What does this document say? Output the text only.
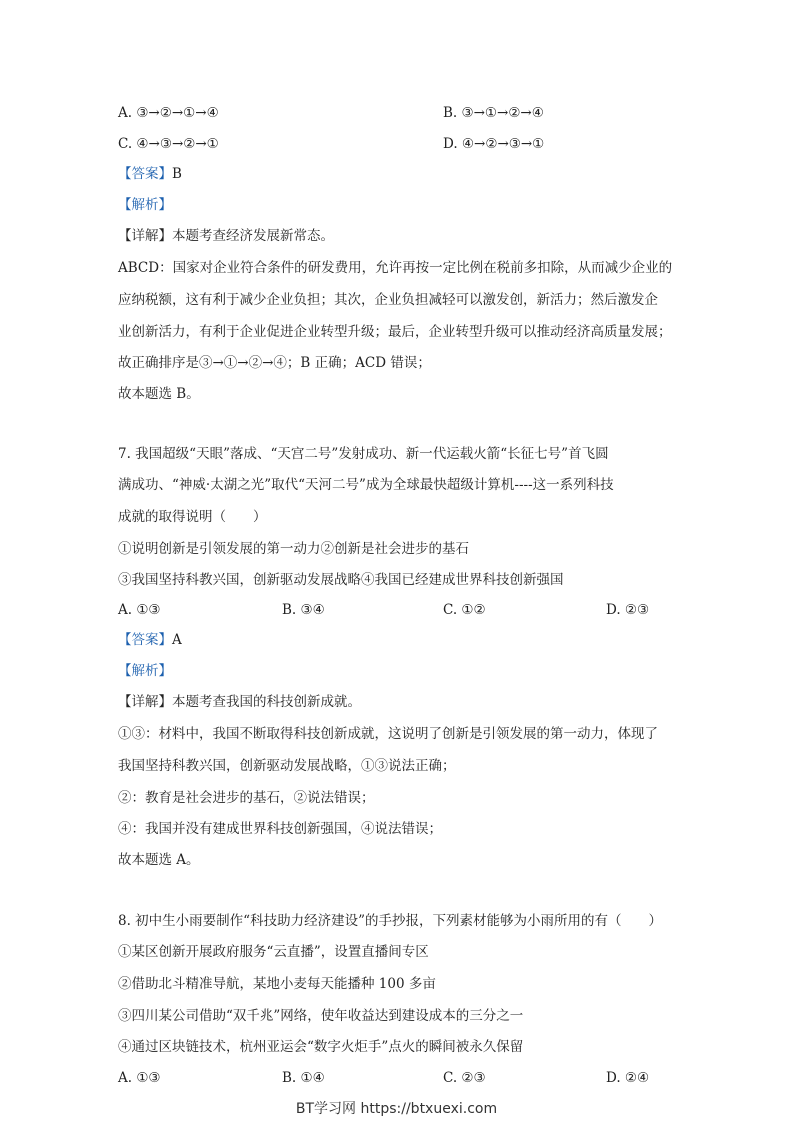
A. ③→②→①→④	B. ③→①→②→④
C. ④→③→②→①	D. ④→②→③→①
【答案】B
【解析】
【详解】本题考查经济发展新常态。
ABCD：国家对企业符合条件的研发费用，允许再按一定比例在税前多扣除，从而减少企业的
应纳税额，这有利于减少企业负担；其次，企业负担减轻可以激发创，新活力；然后激发企
业创新活力，有利于企业促进企业转型升级；最后，企业转型升级可以推动经济高质量发展；
故正确排序是③→①→②→④；B 正确；ACD 错误；
故本题选 B。
7. 我国超级“天眼”落成、“天宫二号”发射成功、新一代运载火箭“长征七号”首飞圆
满成功、“神威·太湖之光”取代“天河二号”成为全球最快超级计算机----这一系列科技
成就的取得说明（　　）
①说明创新是引领发展的第一动力②创新是社会进步的基石
③我国坚持科教兴国，创新驱动发展战略④我国已经建成世界科技创新强国
A. ①③	B. ③④	C. ①②	D. ②③
【答案】A
【解析】
【详解】本题考查我国的科技创新成就。
①③：材料中，我国不断取得科技创新成就，这说明了创新是引领发展的第一动力，体现了
我国坚持科教兴国，创新驱动发展战略，①③说法正确；
②：教育是社会进步的基石，②说法错误；
④：我国并没有建成世界科技创新强国，④说法错误；
故本题选 A。
8. 初中生小雨要制作“科技助力经济建设”的手抄报，下列素材能够为小雨所用的有（　　）
①某区创新开展政府服务“云直播”，设置直播间专区
②借助北斗精准导航，某地小麦每天能播种 100 多亩
③四川某公司借助“双千兆”网络，使年收益达到建设成本的三分之一
④通过区块链技术，杭州亚运会“数字火炬手”点火的瞬间被永久保留
A. ①③	B. ①④	C. ②③	D. ②④
BT学习网 https://btxuexi.com
